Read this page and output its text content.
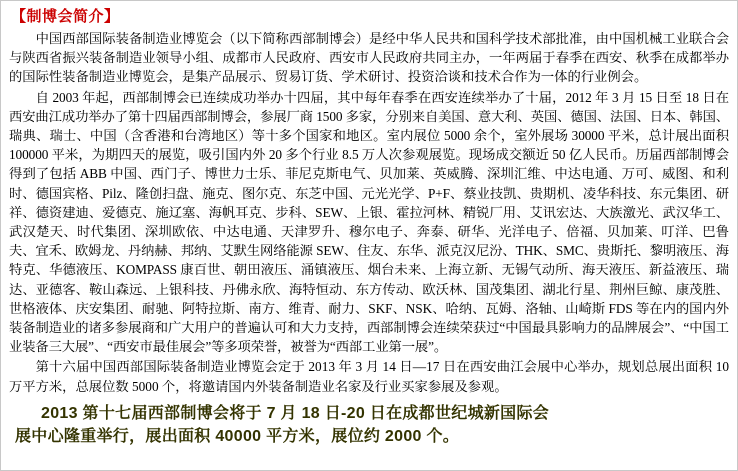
【制博会简介】

中国西部国际装备制造业博览会（以下简称西部制博会）是经中华人民共和国科学技术部批准，由中国机械工业联合会与陕西省振兴装备制造业领导小组、成都市人民政府、西安市人民政府共同主办，一年两届于春季在西安、秋季在成都举办的国际性装备制造业博览会，是集产品展示、贸易订货、学术研讨、投资洽谈和技术合作为一体的行业例会。

自 2003 年起，西部制博会已连续成功举办十四届，其中每年春季在西安连续举办了十届，2012 年 3 月 15 日至 18 日在西安曲江成功举办了第十四届西部制博会，参展厂商 1500 多家，分别来自美国、意大利、英国、德国、法国、日本、韩国、瑞典、瑞士、中国（含香港和台湾地区）等十多个国家和地区。室内展位 5000 余个，室外展场 30000 平米，总计展出面积 100000 平米，为期四天的展览，吸引国内外 20 多个行业 8.5 万人次参观展览。现场成交额近 50 亿人民币。历届西部制博会得到了包括 ABB 中国、西门子、博世力士乐、菲尼克斯电气、贝加莱、英威腾、深圳汇维、中达电通、万可、威图、和利时、德国宾格、Pilz、隆创扫盘、施克、图尔克、东芝中国、元光光学、P+F、蔡业技凯、贵期机、凌华科技、东元集团、研祥、德资建迪、爱德克、施辽塞、海帆耳克、步科、SEW、上银、霍拉河林、精锐厂用、艾讯宏达、大族激光、武汉华工、武汉楚天、时代集团、深圳欧依、中达电通、天津罗升、穆尔电子、奔泰、研华、光洋电子、倍福、贝加莱、叮洋、巴鲁夫、宜禾、欧姆龙、丹纳赫、邦纳、艾默生网络能源 SEW、住友、东华、派克汉尼汾、THK、SMC、贵斯托、黎明液压、海特克、华德液压、KOMPASS 康百世、朝田液压、涌镇液压、烟台未来、上海立新、无锡气动所、海天液压、新益液压、瑞达、亚德客、鞍山森远、上银科技、丹佛永欣、海特恒动、东方传动、欧沃林、国茂集团、湖北行星、荆州巨鲸、康茂胜、世格液体、庆安集团、耐驰、阿特拉斯、南方、维青、耐力、SKF、NSK、哈纳、瓦姆、洛轴、山崎斯 FDS 等在内的国内外装备制造业的诸多参展商和广大用户的普遍认可和大力支持，西部制博会连续荣获过“中国最具影响力的品牌展会”、“中国工业装备三大展”、“西安市最佳展会”等多项荣誉，被誉为“西部工业第一展”。

第十六届中国西部国际装备制造业博览会定于 2013 年 3 月 14 日—17 日在西安曲江会展中心举办，规划总展出面积 10 万平方米，总展位数 5000 个，将邀请国内外装备制造业名家及行业买家参展及参观。

2013 第十七届西部制博会将于 7 月 18 日-20 日在成都世纪城新国际会
展中心隆重举行，展出面积 40000 平方米，展位约 2000 个。
